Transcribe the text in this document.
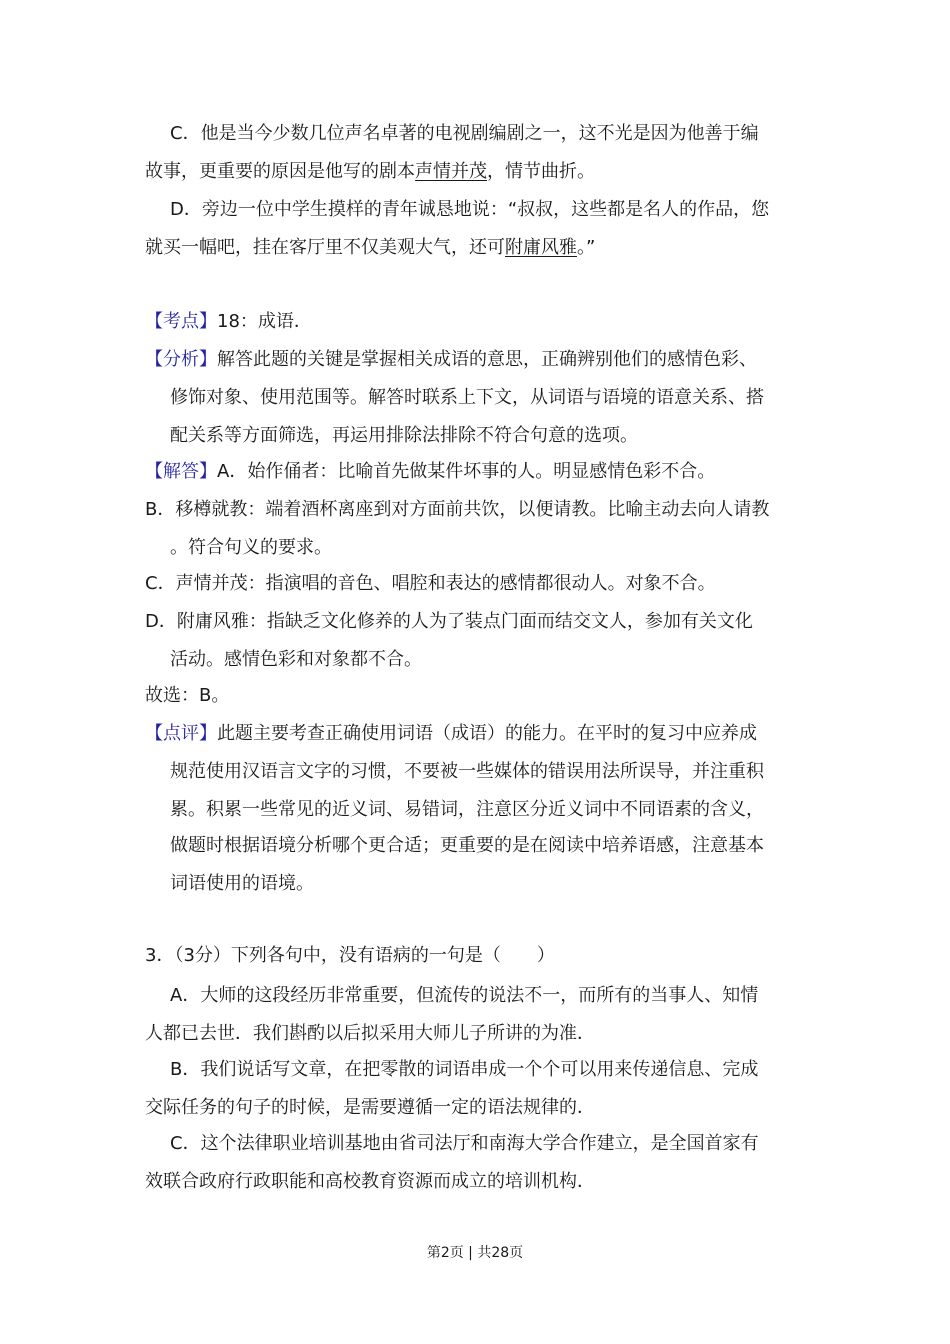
C．他是当今少数几位声名卓著的电视剧编剧之一，这不光是因为他善于编
故事，更重要的原因是他写的剧本声情并茂，情节曲折。
D．旁边一位中学生摸样的青年诚恳地说：“叔叔，这些都是名人的作品，您
就买一幅吧，挂在客厅里不仅美观大气，还可附庸风雅。”
【考点】18：成语．
【分析】解答此题的关键是掌握相关成语的意思，正确辨别他们的感情色彩、
修饰对象、使用范围等。解答时联系上下文，从词语与语境的语意关系、搭
配关系等方面筛选，再运用排除法排除不符合句意的选项。
【解答】A．始作俑者：比喻首先做某件坏事的人。明显感情色彩不合。
B．移樽就教：端着酒杯离座到对方面前共饮，以便请教。比喻主动去向人请教
。符合句义的要求。
C．声情并茂：指演唱的音色、唱腔和表达的感情都很动人。对象不合。
D．附庸风雅：指缺乏文化修养的人为了装点门面而结交文人，参加有关文化
活动。感情色彩和对象都不合。
故选：B。
【点评】此题主要考查正确使用词语（成语）的能力。在平时的复习中应养成
规范使用汉语言文字的习惯，不要被一些媒体的错误用法所误导，并注重积
累。积累一些常见的近义词、易错词，注意区分近义词中不同语素的含义，
做题时根据语境分析哪个更合适；更重要的是在阅读中培养语感，注意基本
词语使用的语境。
3．（3分）下列各句中，没有语病的一句是（　　）
A．大师的这段经历非常重要，但流传的说法不一，而所有的当事人、知情
人都已去世．我们斟酌以后拟采用大师儿子所讲的为准．
B．我们说话写文章，在把零散的词语串成一个个可以用来传递信息、完成
交际任务的句子的时候，是需要遵循一定的语法规律的．
C．这个法律职业培训基地由省司法厅和南海大学合作建立，是全国首家有
效联合政府行政职能和高校教育资源而成立的培训机构．
第2页 | 共28页
